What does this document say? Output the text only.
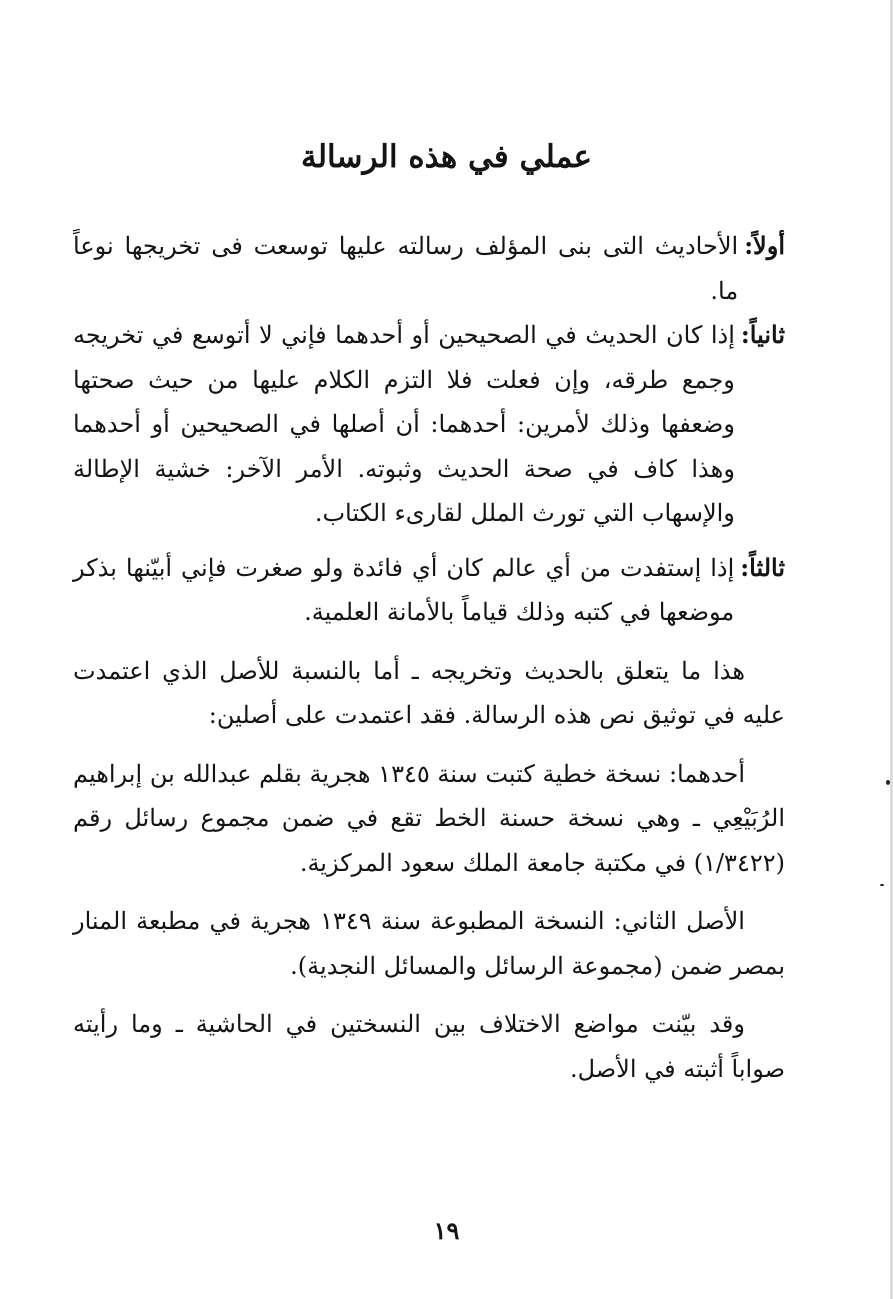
عملي في هذه الرسالة
أولاً:
الأحاديث التى بنى المؤلف رسالته عليها توسعت فى تخريجها نوعاً ما.
ثانياً:
إذا كان الحديث في الصحيحين أو أحدهما فإني لا أتوسع في تخريجه وجمع طرقه، وإن فعلت فلا التزم الكلام عليها من حيث صحتها وضعفها وذلك لأمرين: أحدهما: أن أصلها في الصحيحين أو أحدهما وهذا كاف في صحة الحديث وثبوته. الأمر الآخر: خشية الإطالة والإسهاب التي تورث الملل لقارىء الكتاب.
ثالثاً:
إذا إستفدت من أي عالم كان أي فائدة ولو صغرت فإني أبيّنها بذكر موضعها في كتبه وذلك قياماً بالأمانة العلمية.

هذا ما يتعلق بالحديث وتخريجه ـ أما بالنسبة للأصل الذي اعتمدت عليه في توثيق نص هذه الرسالة. فقد اعتمدت على أصلين:

أحدهما: نسخة خطية كتبت سنة ١٣٤٥ هجرية بقلم عبدالله بن إبراهيم الرُبَيْعِي ـ وهي نسخة حسنة الخط تقع في ضمن مجموع رسائل رقم (١/٣٤٢٢) في مكتبة جامعة الملك سعود المركزية.

الأصل الثاني: النسخة المطبوعة سنة ١٣٤٩ هجرية في مطبعة المنار بمصر ضمن (مجموعة الرسائل والمسائل النجدية).

وقد بيّنت مواضع الاختلاف بين النسختين في الحاشية ـ وما رأيته صواباً أثبته في الأصل.

١٩
